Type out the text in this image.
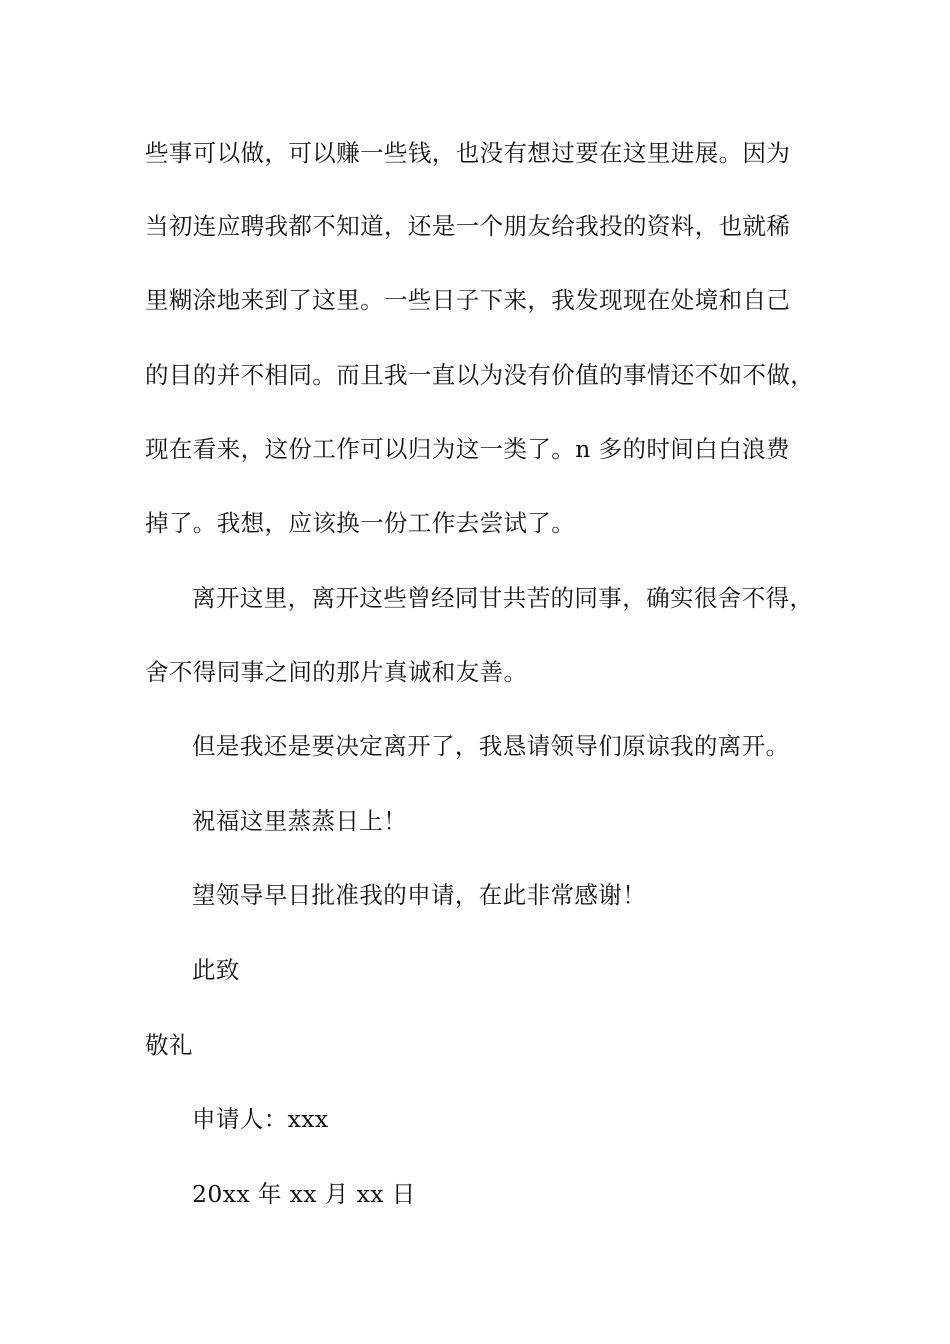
些事可以做，可以赚一些钱，也没有想过要在这里进展。因为
当初连应聘我都不知道，还是一个朋友给我投的资料，也就稀
里糊涂地来到了这里。一些日子下来，我发现现在处境和自己
的目的并不相同。而且我一直以为没有价值的事情还不如不做，
现在看来，这份工作可以归为这一类了。n 多的时间白白浪费
掉了。我想，应该换一份工作去尝试了。
离开这里，离开这些曾经同甘共苦的同事，确实很舍不得，
舍不得同事之间的那片真诚和友善。
但是我还是要决定离开了，我恳请领导们原谅我的离开。
祝福这里蒸蒸日上！
望领导早日批准我的申请，在此非常感谢！
此致
敬礼
申请人：xxx
20xx 年 xx 月 xx 日
